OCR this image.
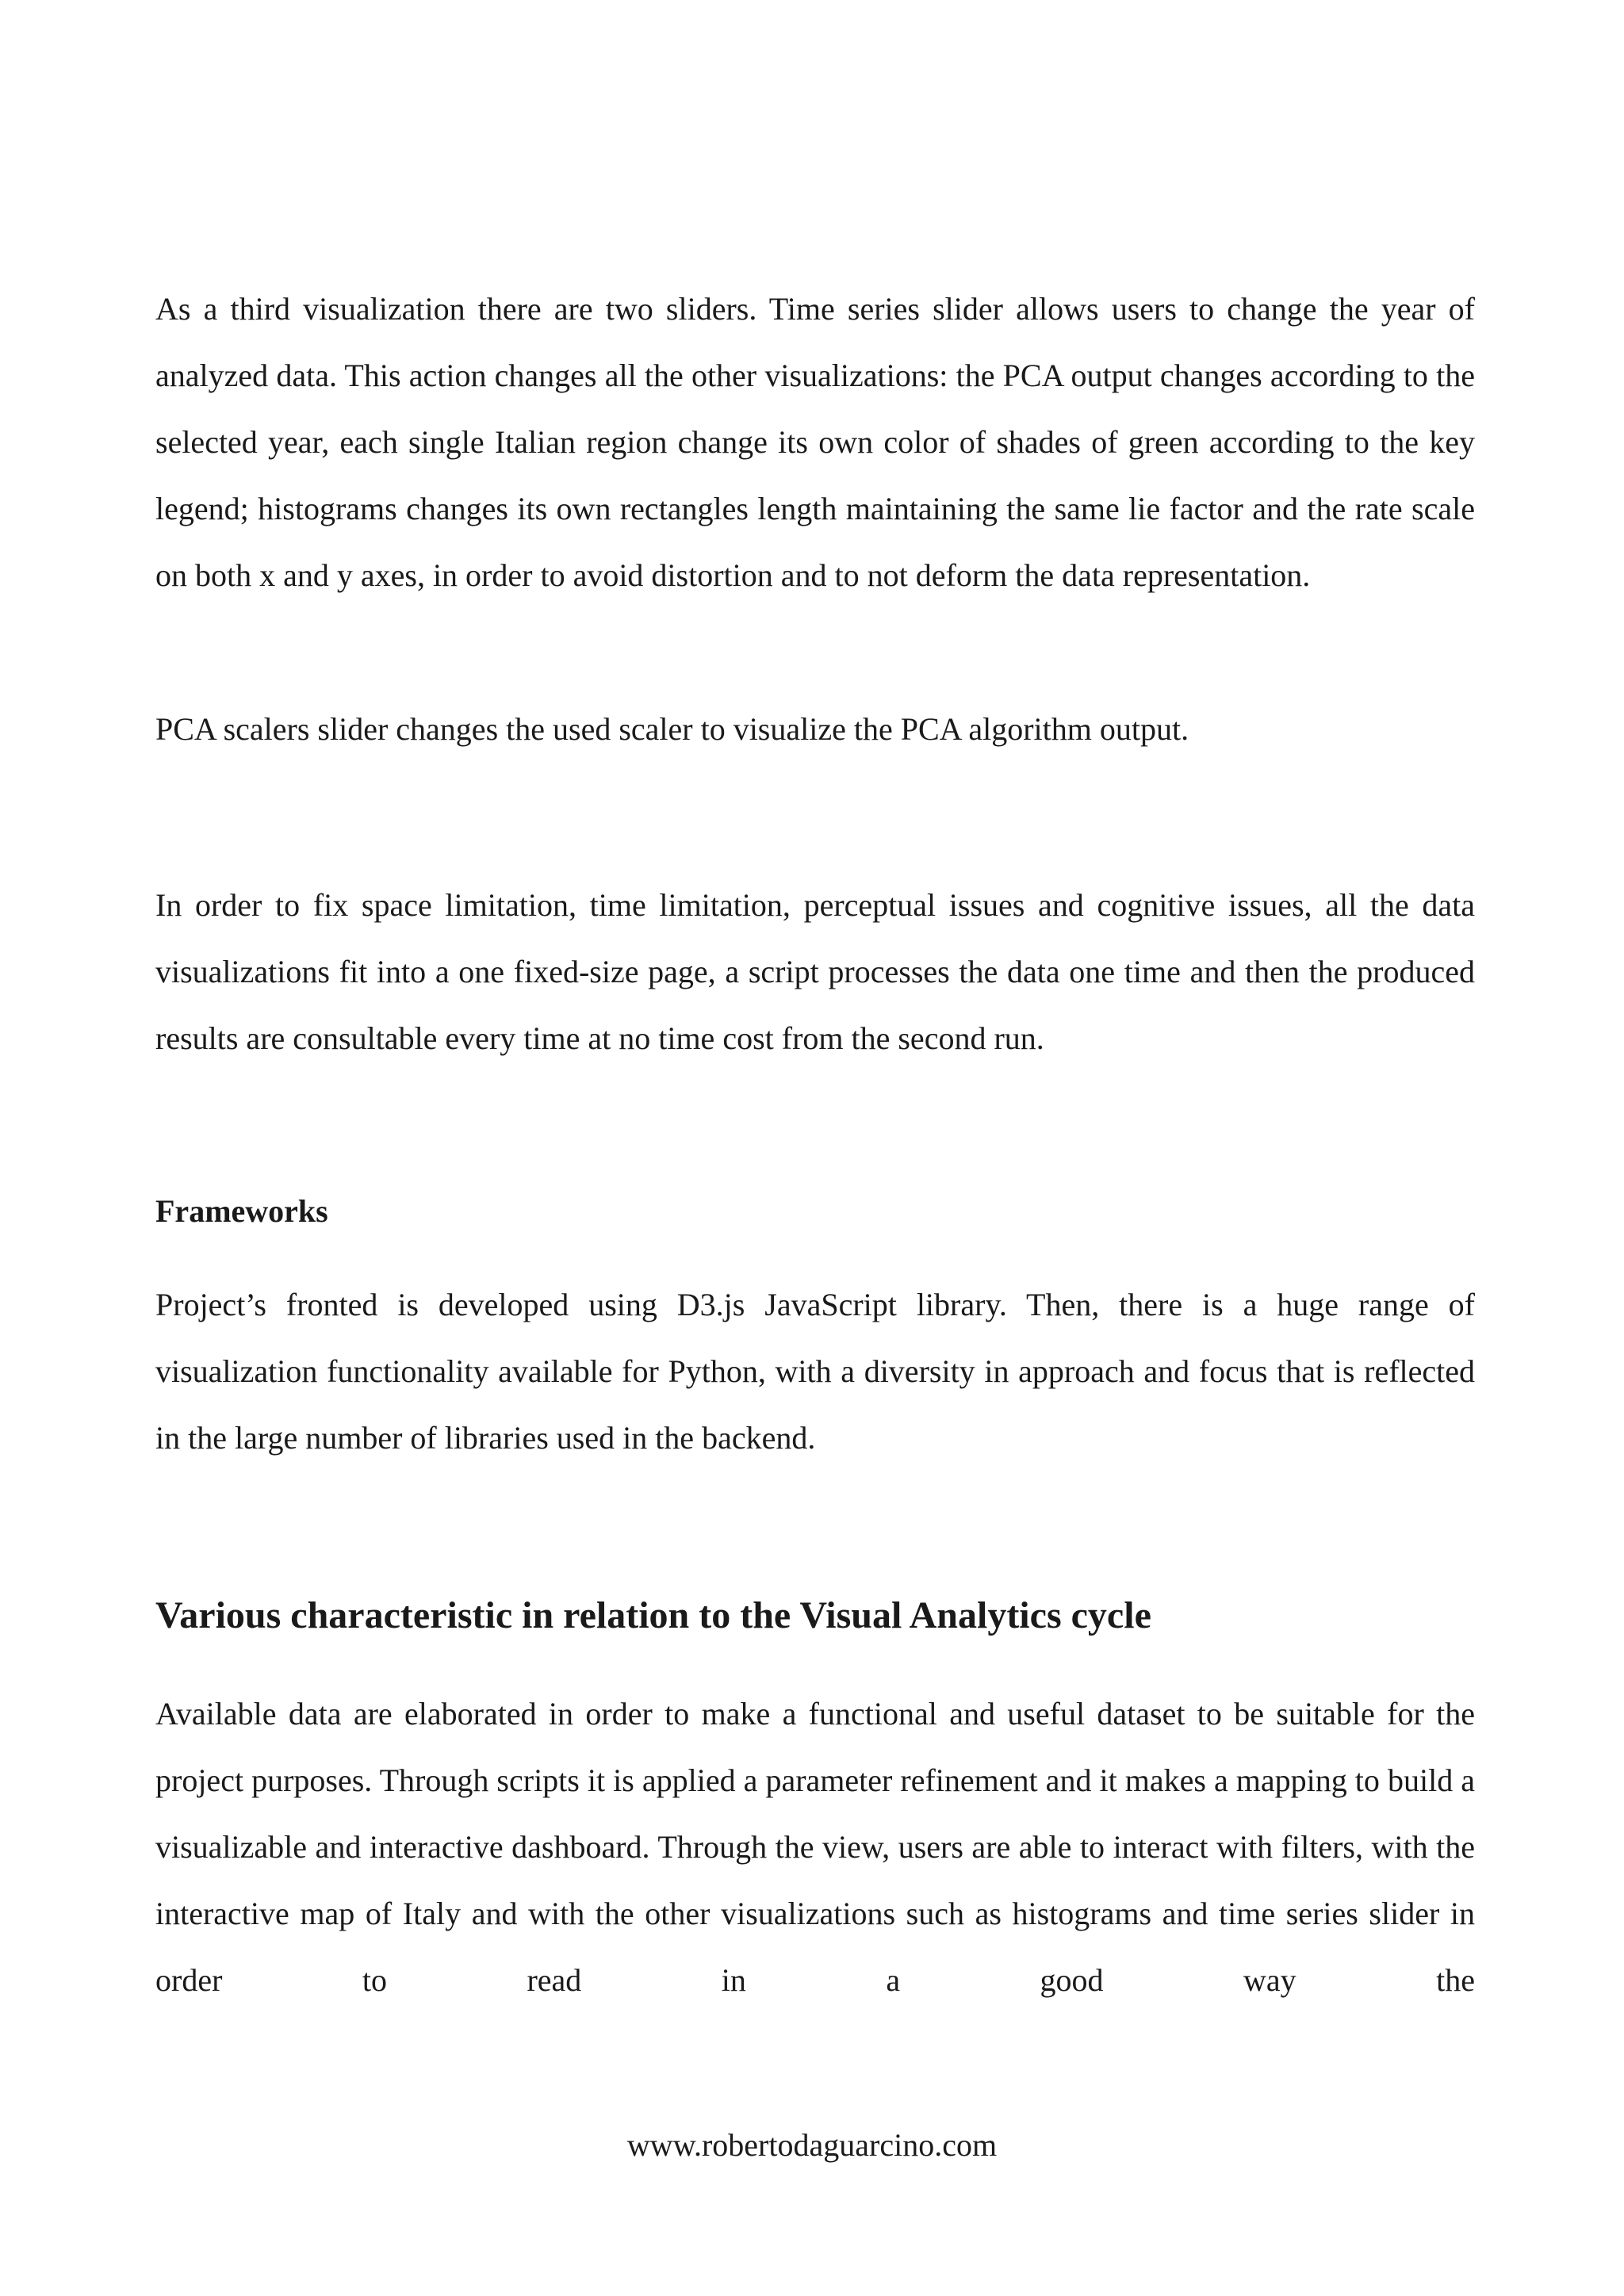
As a third visualization there are two sliders. Time series slider allows users to change the year of analyzed data. This action changes all the other visualizations: the PCA output changes according to the selected year, each single Italian region change its own color of shades of green according to the key legend; histograms changes its own rectangles length maintaining the same lie factor and the rate scale on both x and y axes, in order to avoid distortion and to not deform the data representation.

PCA scalers slider changes the used scaler to visualize the PCA algorithm output.

In order to fix space limitation, time limitation, perceptual issues and cognitive issues, all the data visualizations fit into a one fixed-size page, a script processes the data one time and then the produced results are consultable every time at no time cost from the second run.

Frameworks

Project’s fronted is developed using D3.js JavaScript library. Then, there is a huge range of visualization functionality available for Python, with a diversity in approach and focus that is reflected in the large number of libraries used in the backend.

Various characteristic in relation to the Visual Analytics cycle

Available data are elaborated in order to make a functional and useful dataset to be suitable for the project purposes. Through scripts it is applied a parameter refinement and it makes a mapping to build a visualizable and interactive dashboard. Through the view, users are able to interact with filters, with the interactive map of Italy and with the other visualizations such as histograms and time series slider in order to read in a good way the

www.robertodaguarcino.com
